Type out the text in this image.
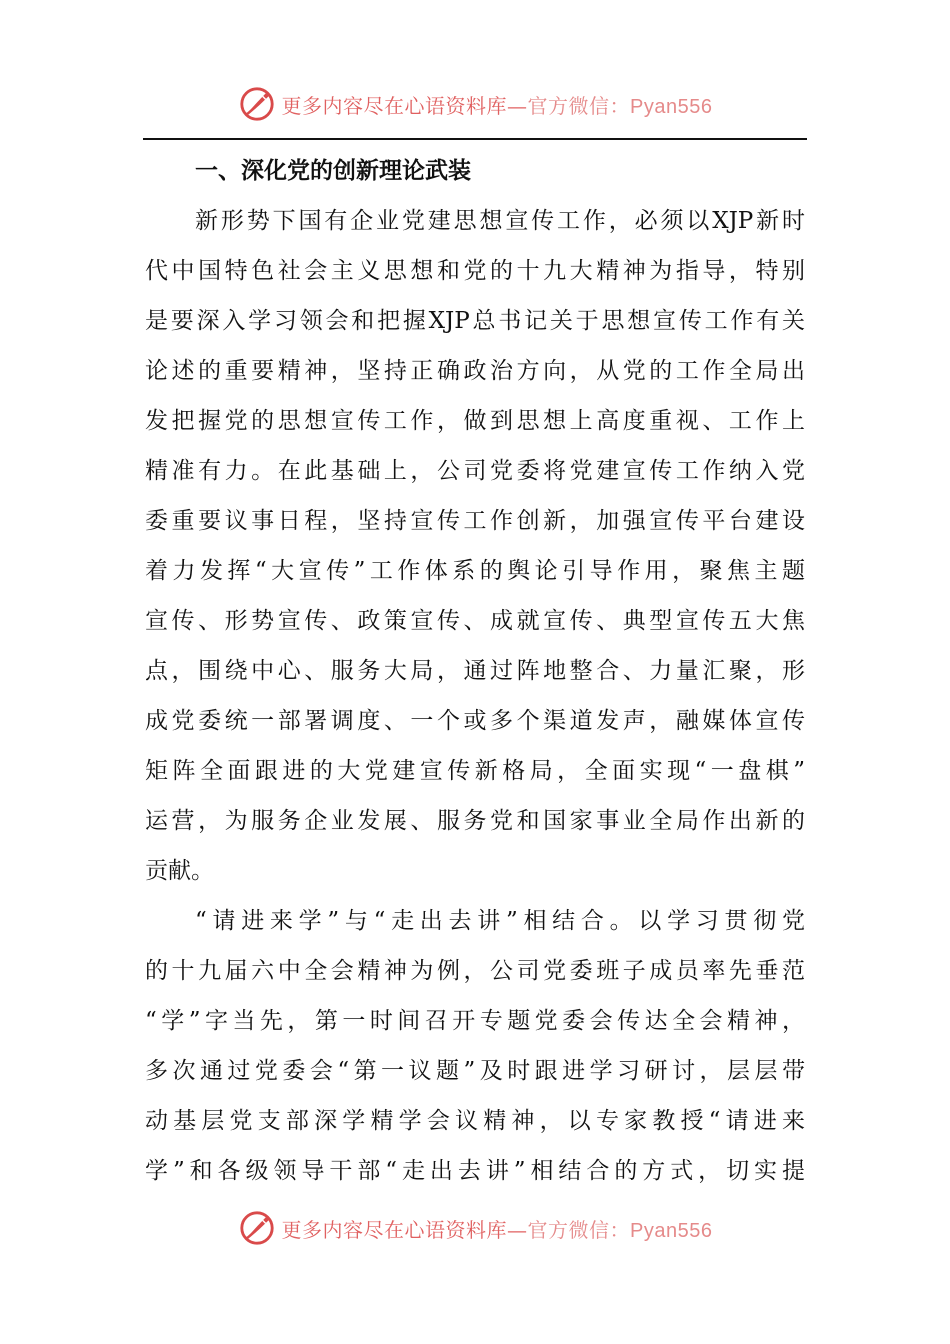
更多内容尽在心语资料库—官方微信：Pyan556
一、深化党的创新理论武装
新形势下国有企业党建思想宣传工作，必须以XJP新时
代中国特色社会主义思想和党的十九大精神为指导，特别
是要深入学习领会和把握XJP总书记关于思想宣传工作有关
论述的重要精神，坚持正确政治方向，从党的工作全局出
发把握党的思想宣传工作，做到思想上高度重视、工作上
精准有力。在此基础上，公司党委将党建宣传工作纳入党
委重要议事日程，坚持宣传工作创新，加强宣传平台建设
着力发挥“大宣传”工作体系的舆论引导作用，聚焦主题
宣传、形势宣传、政策宣传、成就宣传、典型宣传五大焦
点，围绕中心、服务大局，通过阵地整合、力量汇聚，形
成党委统一部署调度、一个或多个渠道发声，融媒体宣传
矩阵全面跟进的大党建宣传新格局，全面实现“一盘棋”
运营，为服务企业发展、服务党和国家事业全局作出新的
贡献。
“请进来学”与“走出去讲”相结合。以学习贯彻党
的十九届六中全会精神为例，公司党委班子成员率先垂范
“学”字当先，第一时间召开专题党委会传达全会精神，
多次通过党委会“第一议题”及时跟进学习研讨，层层带
动基层党支部深学精学会议精神，以专家教授“请进来
学”和各级领导干部“走出去讲”相结合的方式，切实提
更多内容尽在心语资料库—官方微信：Pyan556
